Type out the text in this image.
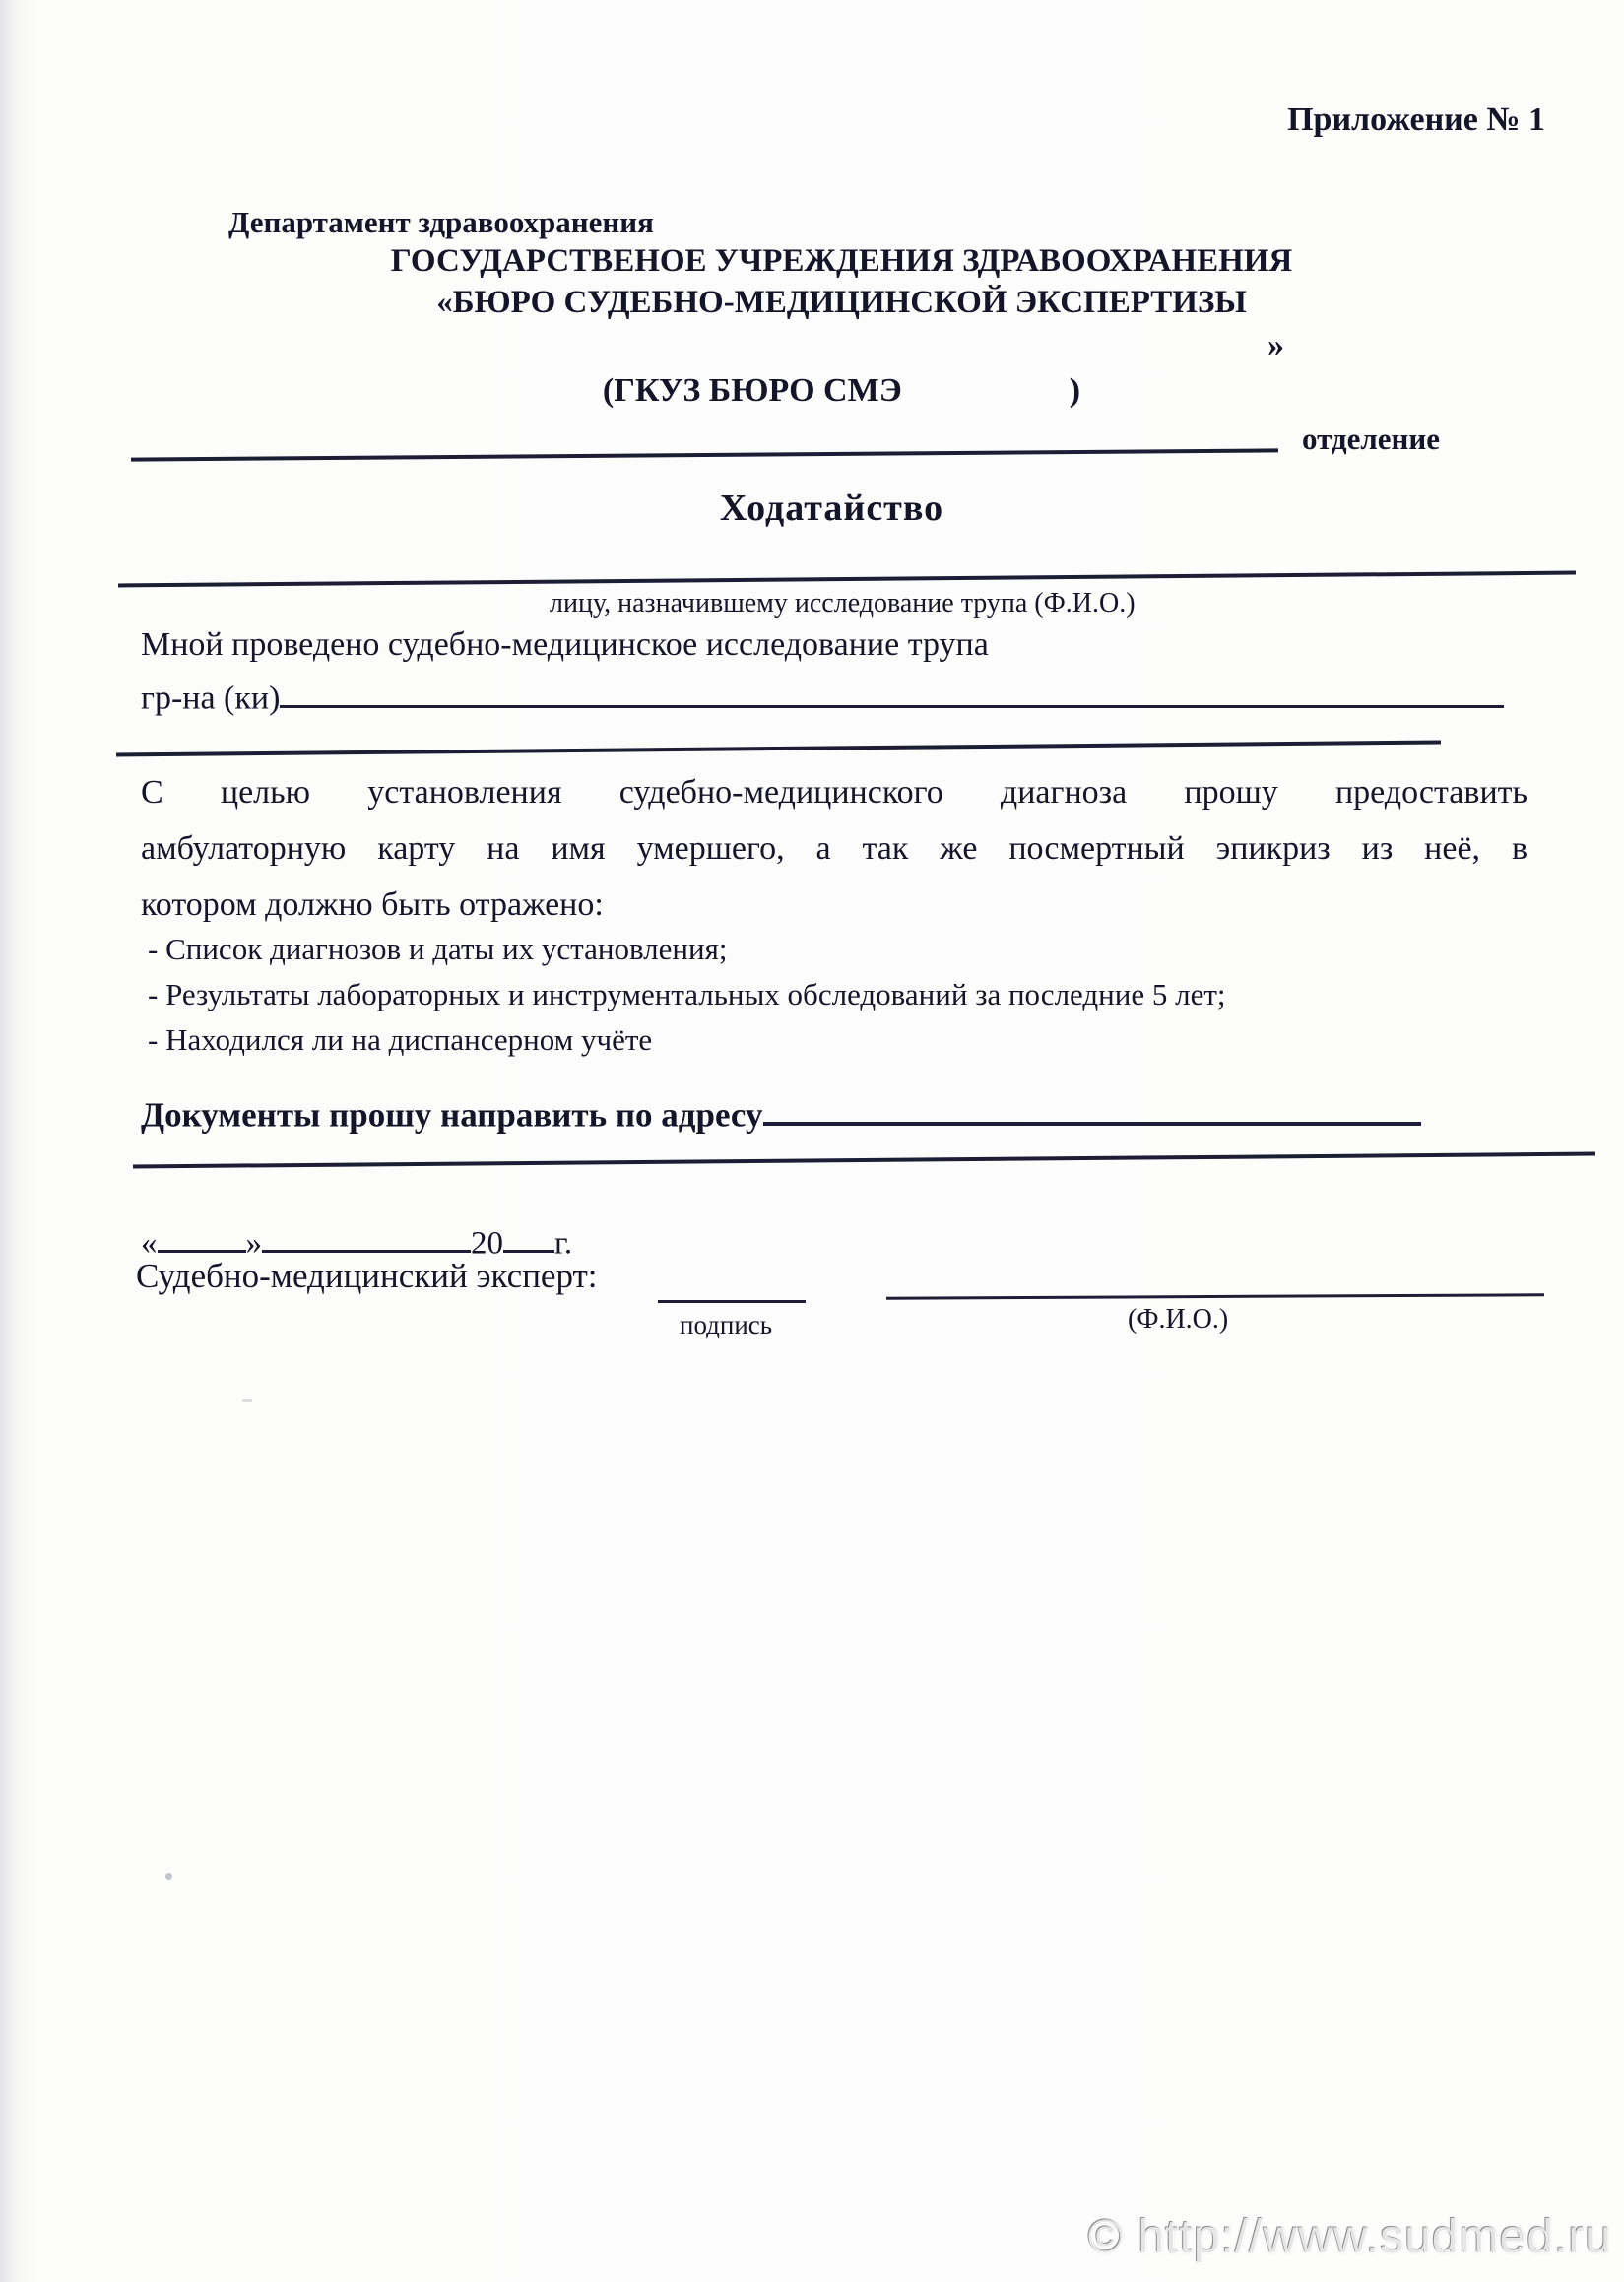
Приложение № 1
Департамент здравоохранения
ГОСУДАРСТВЕНОЕ УЧРЕЖДЕНИЯ ЗДРАВООХРАНЕНИЯ
«БЮРО СУДЕБНО-МЕДИЦИНСКОЙ ЭКСПЕРТИЗЫ
»
(ГКУЗ БЮРО СМЭ	)
отделение
Ходатайство
лицу, назначившему исследование трупа (Ф.И.О.)
Мной проведено судебно-медицинское исследование трупа
гр-на (ки)
С целью установления судебно-медицинского диагноза прошу предоставить
амбулаторную карту на имя умершего, а так же посмертный эпикриз из неё, в
котором должно быть отражено:
- Список диагнозов и даты их установления;
- Результаты лабораторных и инструментальных обследований за последние 5 лет;
- Находился ли на диспансерном учёте
Документы прошу направить по адресу
«	»	20 г.
Судебно-медицинский эксперт:
подпись	(Ф.И.О.)
© http://www.sudmed.ru
